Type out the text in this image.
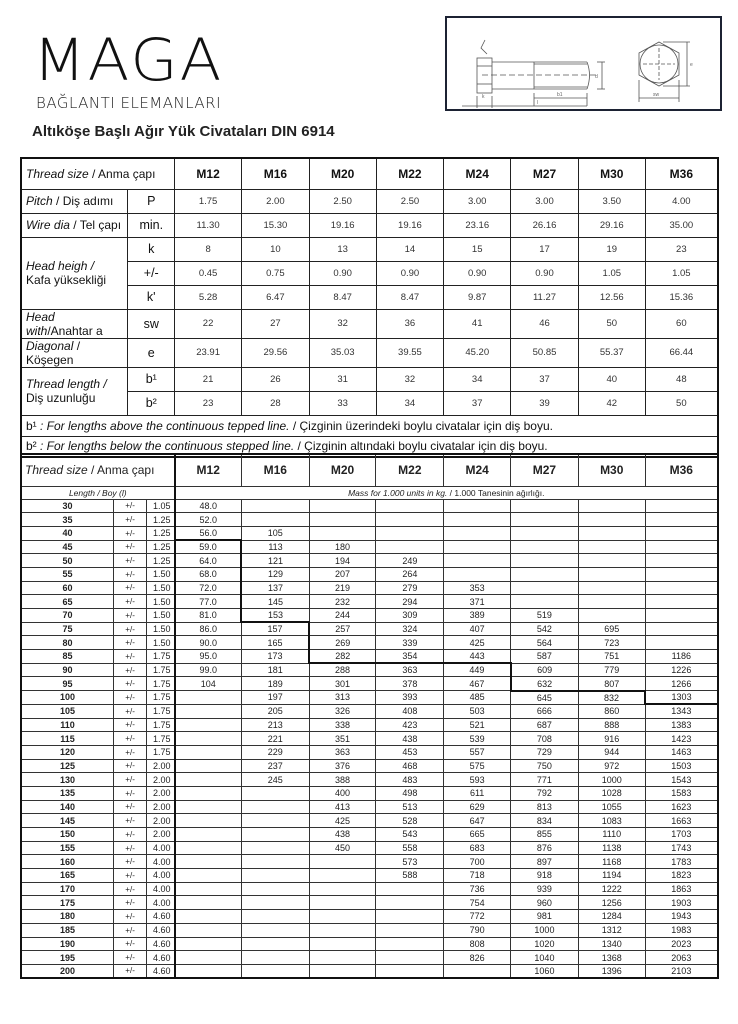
MAGA
BAĞLANTI ELEMANLARI
Altıköşe Başlı Ağır Yük Civataları DIN 6914
k	b1
l
e
sw
d
Thread size / Anma çapı		M12	M16	M20	M22	M24	M27	M30	M36
Pitch / Diş adımı	P	1.75	2.00	2.50	2.50	3.00	3.00	3.50	4.00
Wire dia / Tel çapı	min.	11.30	15.30	19.16	19.16	23.16	26.16	29.16	35.00
Head heigh /
Kafa yüksekliği	k	8	10	13	14	15	17	19	23
	+/-	0.45	0.75	0.90	0.90	0.90	0.90	1.05	1.05
	k'	5.28	6.47	8.47	8.47	9.87	11.27	12.56	15.36
Head with/Anahtar a	sw	22	27	32	36	41	46	50	60
Diagonal / Köşegen	e	23.91	29.56	35.03	39.55	45.20	50.85	55.37	66.44
Thread length /
Diş uzunluğu	b¹	21	26	31	32	34	37	40	48
	b²	23	28	33	34	37	39	42	50
b¹ : For lengths above the continuous tepped line. / Çizginin üzerindeki boylu civatalar için diş boyu.									
b² : For lengths below the continuous stepped line. / Çizginin altındaki boylu civatalar için diş boyu.									
Thread size / Anma çapı			M12	M16	M20	M22	M24	M27	M30	M36
Length / Boy (l)			Mass for 1.000 units in kg. / 1.000 Tanesinin ağırlığı.							
30	+/-	1.05	48.0							
35	+/-	1.25	52.0							
40	+/-	1.25	56.0	105						
45	+/-	1.25	59.0	113	180					
50	+/-	1.25	64.0	121	194	249				
55	+/-	1.50	68.0	129	207	264				
60	+/-	1.50	72.0	137	219	279	353			
65	+/-	1.50	77.0	145	232	294	371			
70	+/-	1.50	81.0	153	244	309	389	519		
75	+/-	1.50	86.0	157	257	324	407	542	695	
80	+/-	1.50	90.0	165	269	339	425	564	723	
85	+/-	1.75	95.0	173	282	354	443	587	751	1186
90	+/-	1.75	99.0	181	288	363	449	609	779	1226
95	+/-	1.75	104	189	301	378	467	632	807	1266
100	+/-	1.75		197	313	393	485	645	832	1303
105	+/-	1.75		205	326	408	503	666	860	1343
110	+/-	1.75		213	338	423	521	687	888	1383
115	+/-	1.75		221	351	438	539	708	916	1423
120	+/-	1.75		229	363	453	557	729	944	1463
125	+/-	2.00		237	376	468	575	750	972	1503
130	+/-	2.00		245	388	483	593	771	1000	1543
135	+/-	2.00			400	498	611	792	1028	1583
140	+/-	2.00			413	513	629	813	1055	1623
145	+/-	2.00			425	528	647	834	1083	1663
150	+/-	2.00			438	543	665	855	1110	1703
155	+/-	4.00			450	558	683	876	1138	1743
160	+/-	4.00				573	700	897	1168	1783
165	+/-	4.00				588	718	918	1194	1823
170	+/-	4.00					736	939	1222	1863
175	+/-	4.00					754	960	1256	1903
180	+/-	4.60					772	981	1284	1943
185	+/-	4.60					790	1000	1312	1983
190	+/-	4.60					808	1020	1340	2023
195	+/-	4.60					826	1040	1368	2063
200	+/-	4.60						1060	1396	2103
